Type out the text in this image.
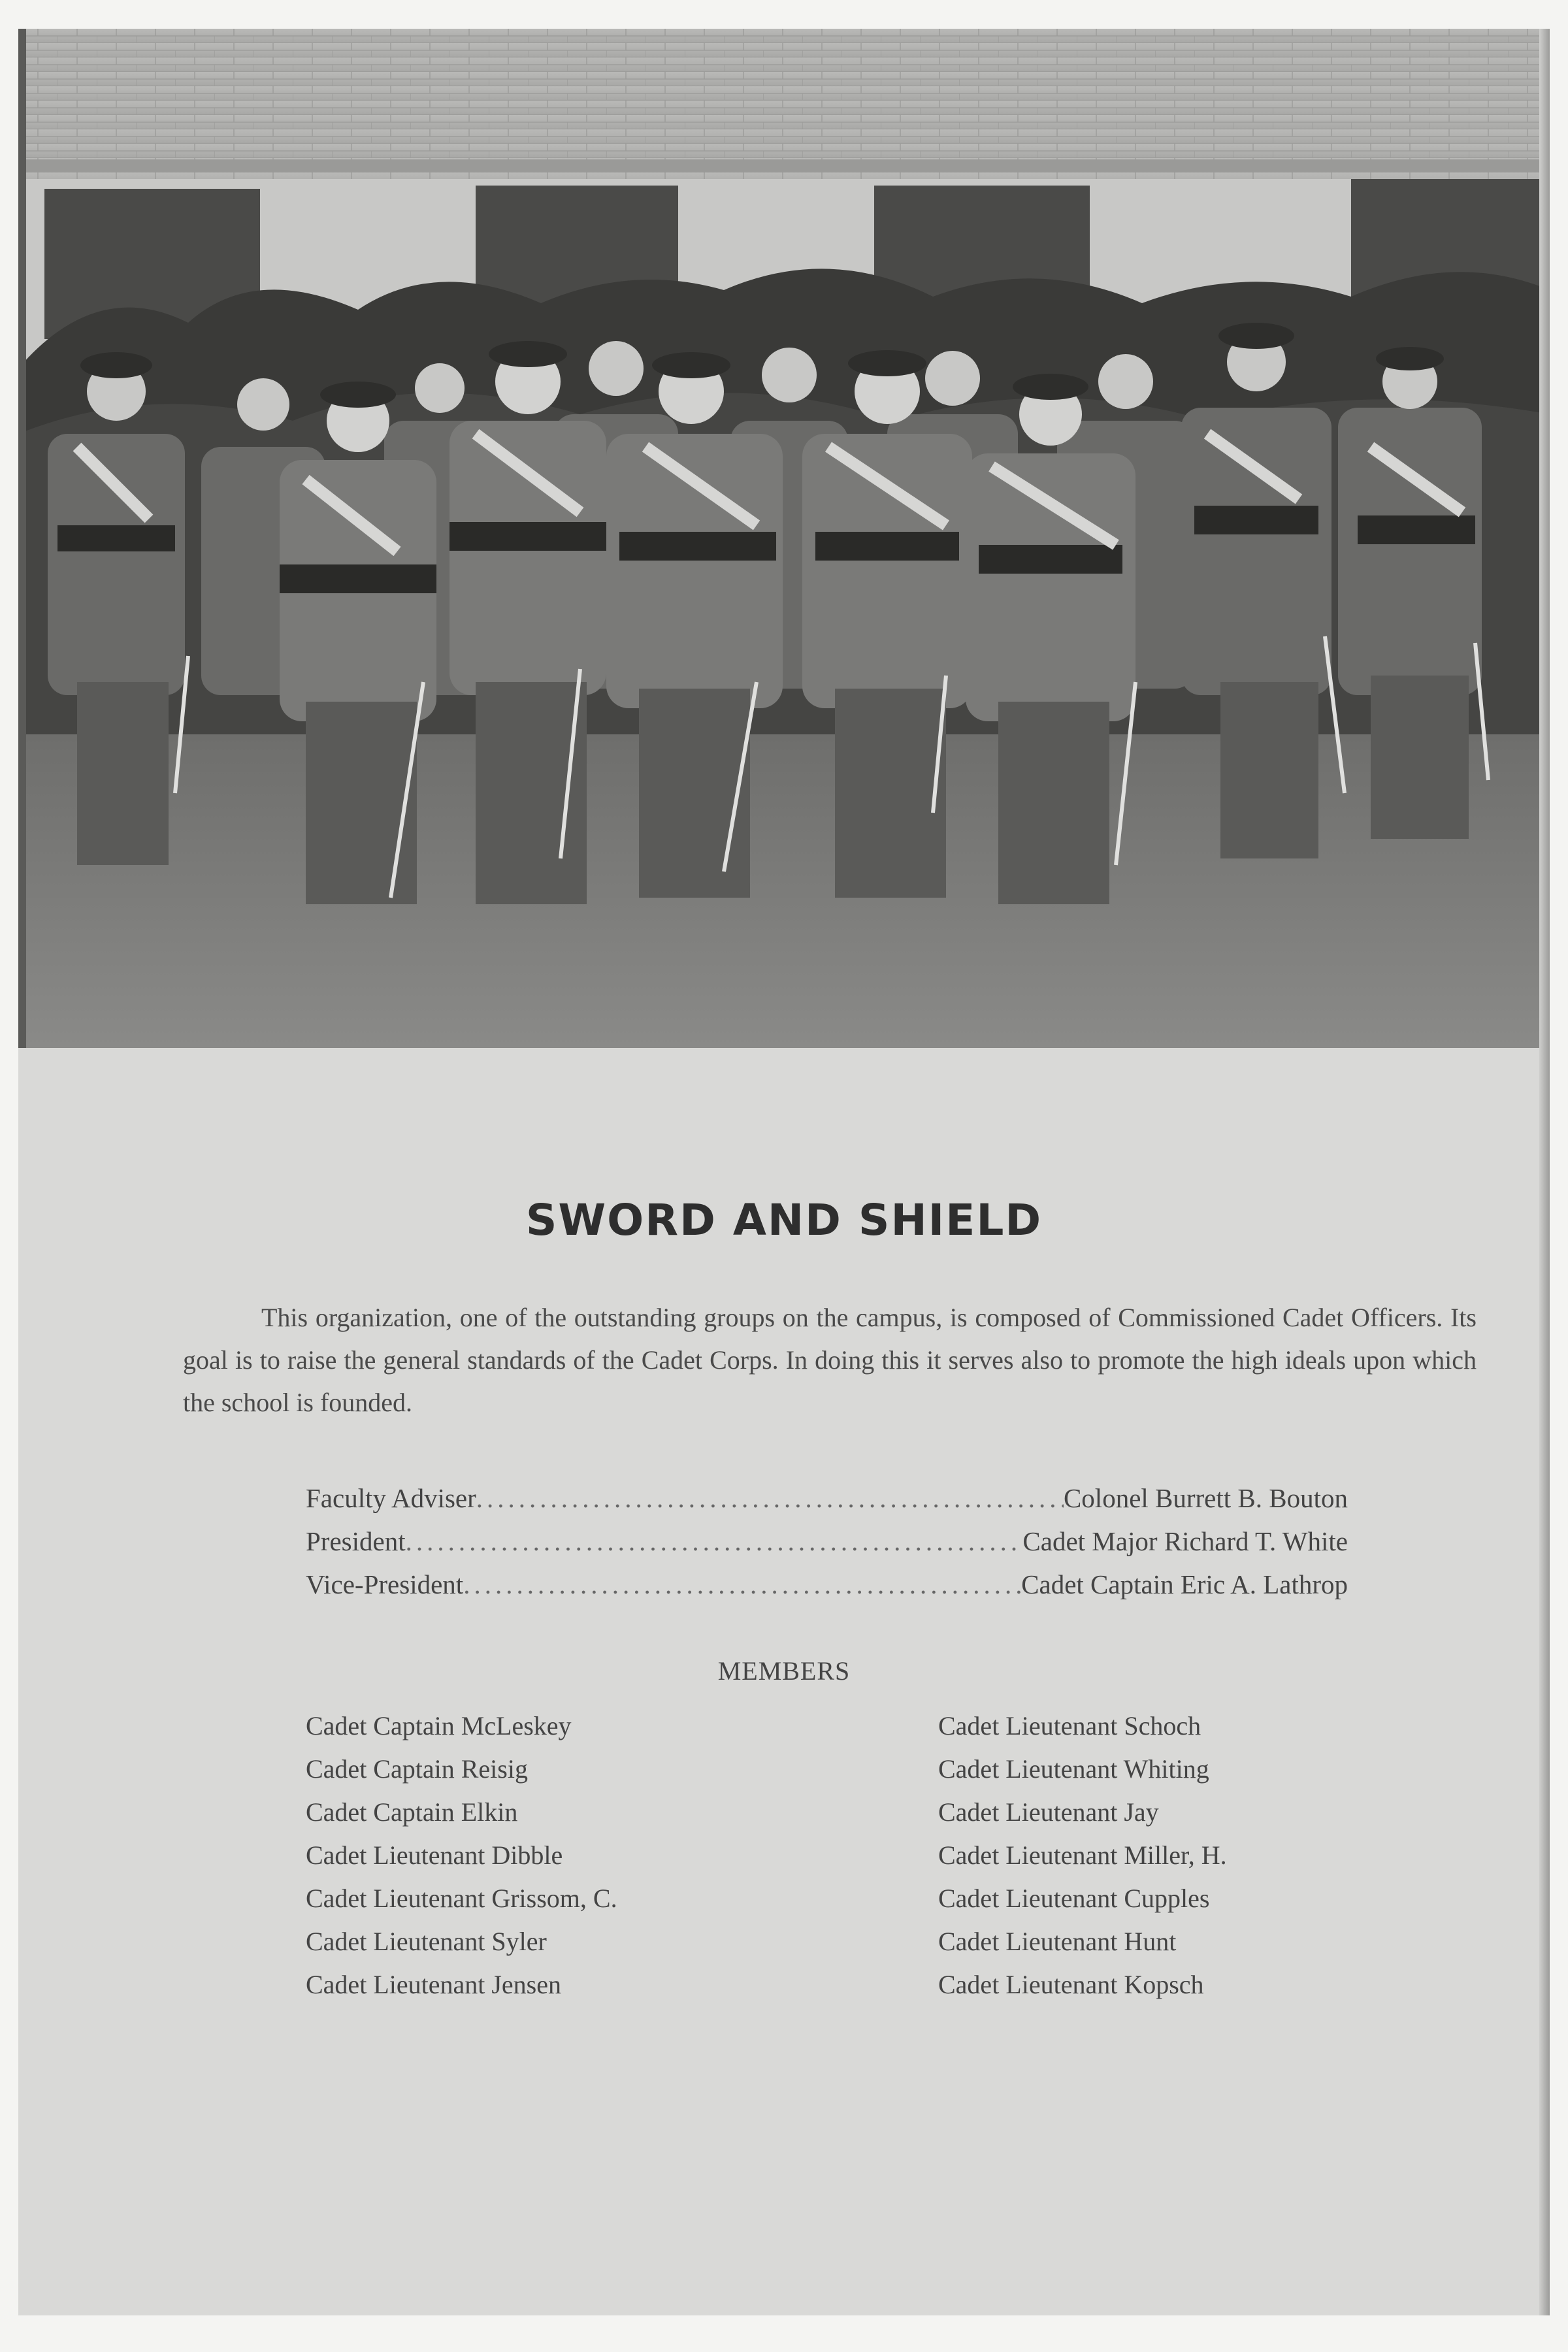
SWORD AND SHIELD
This organization, one of the outstanding groups on the campus, is composed of Commissioned Cadet Officers. Its goal is to raise the general standards of the Cadet Corps. In doing this it serves also to promote the high ideals upon which the school is founded.
Faculty Adviser .....	Colonel Burrett B. Bouton
President .....	Cadet Major Richard T. White
Vice-President .....	Cadet Captain Eric A. Lathrop
MEMBERS
Cadet Captain McLeskey
Cadet Captain Reisig
Cadet Captain Elkin
Cadet Lieutenant Dibble
Cadet Lieutenant Grissom, C.
Cadet Lieutenant Syler
Cadet Lieutenant Jensen
Cadet Lieutenant Schoch
Cadet Lieutenant Whiting
Cadet Lieutenant Jay
Cadet Lieutenant Miller, H.
Cadet Lieutenant Cupples
Cadet Lieutenant Hunt
Cadet Lieutenant Kopsch
